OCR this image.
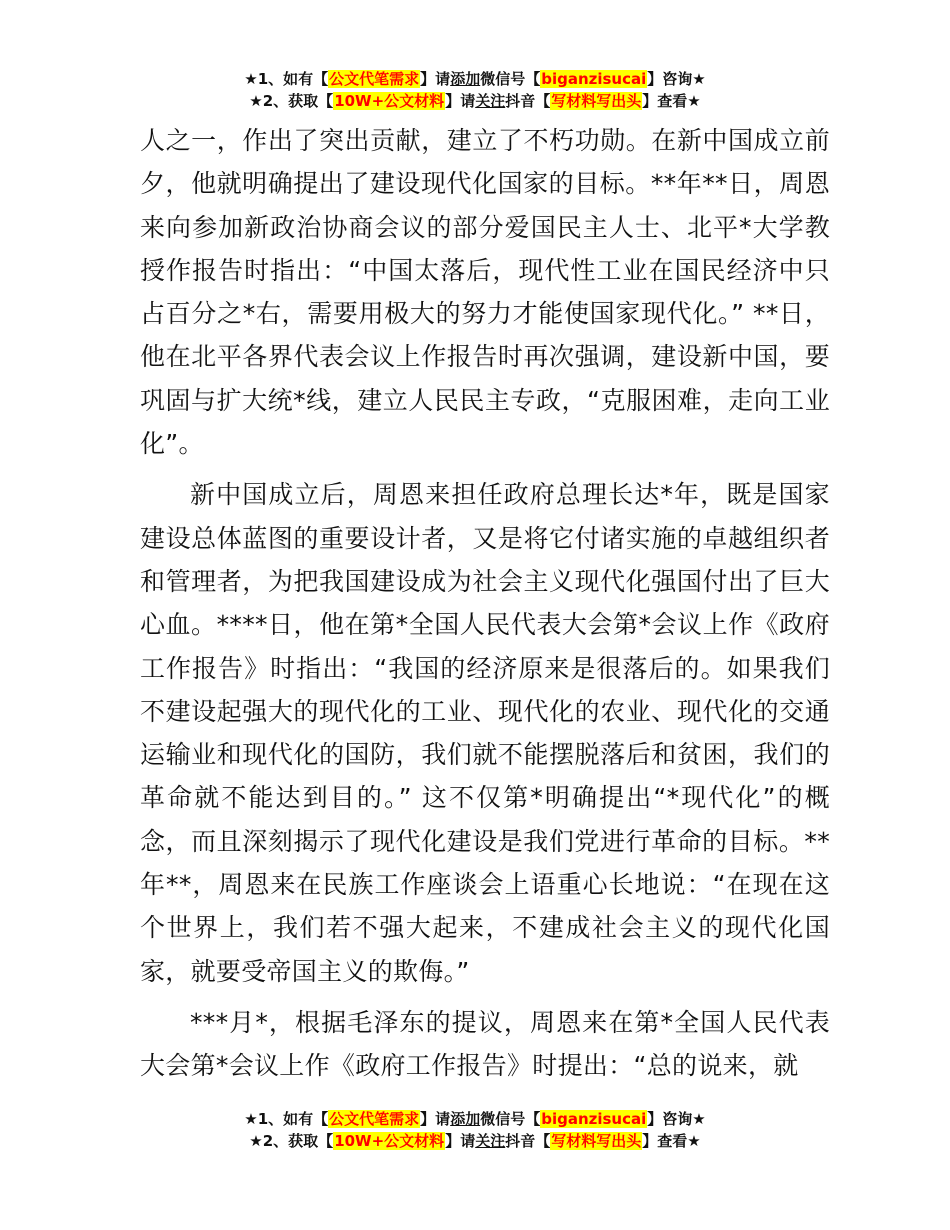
★1、如有【公文代笔需求】请添加微信号【biganzisucai】咨询★
★2、获取【10W+公文材料】请关注抖音【写材料写出头】查看★

人之一，作出了突出贡献，建立了不朽功勋。在新中国成立前夕，他就明确提出了建设现代化国家的目标。**年**日，周恩来向参加新政治协商会议的部分爱国民主人士、北平*大学教授作报告时指出：“中国太落后，现代性工业在国民经济中只占百分之*右，需要用极大的努力才能使国家现代化。” **日，他在北平各界代表会议上作报告时再次强调，建设新中国，要巩固与扩大统*线，建立人民民主专政，“克服困难，走向工业化”。

新中国成立后，周恩来担任政府总理长达*年，既是国家建设总体蓝图的重要设计者，又是将它付诸实施的卓越组织者和管理者，为把我国建设成为社会主义现代化强国付出了巨大心血。****日，他在第*全国人民代表大会第*会议上作《政府工作报告》时指出：“我国的经济原来是很落后的。如果我们不建设起强大的现代化的工业、现代化的农业、现代化的交通运输业和现代化的国防，我们就不能摆脱落后和贫困，我们的革命就不能达到目的。” 这不仅第*明确提出“*现代化”的概念，而且深刻揭示了现代化建设是我们党进行革命的目标。**年**，周恩来在民族工作座谈会上语重心长地说：“在现在这个世界上，我们若不强大起来，不建成社会主义的现代化国家，就要受帝国主义的欺侮。”

***月*，根据毛泽东的提议，周恩来在第*全国人民代表大会第*会议上作《政府工作报告》时提出：“总的说来，就

★1、如有【公文代笔需求】请添加微信号【biganzisucai】咨询★
★2、获取【10W+公文材料】请关注抖音【写材料写出头】查看★
